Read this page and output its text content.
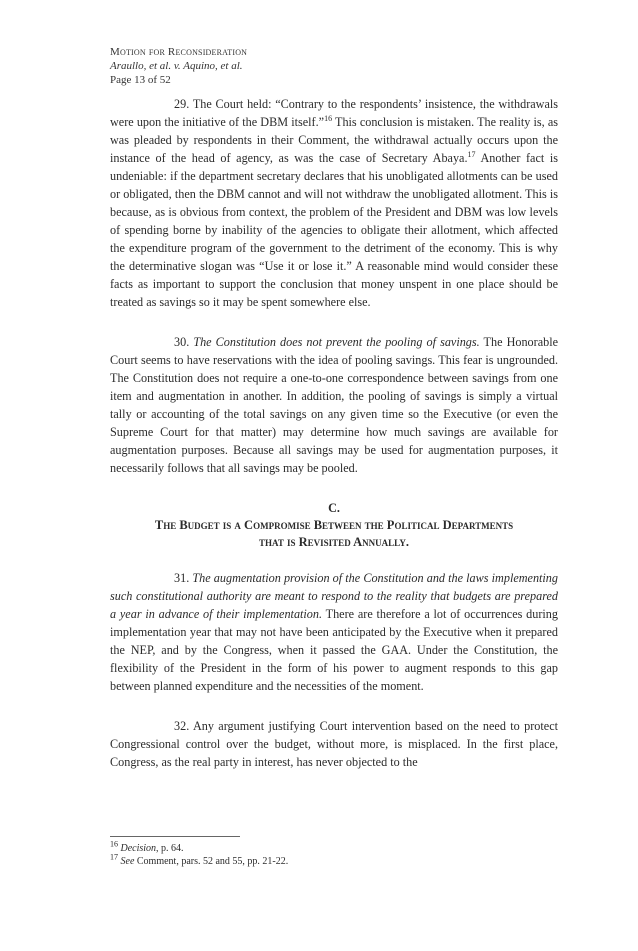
Motion for Reconsideration
Araullo, et al. v. Aquino, et al.
Page 13 of 52

29. The Court held: “Contrary to the respondents’ insistence, the withdrawals were upon the initiative of the DBM itself.”$^{16}$ This conclusion is mistaken. The reality is, as was pleaded by respondents in their Comment, the withdrawal actually occurs upon the instance of the head of agency, as was the case of Secretary Abaya.$^{17}$ Another fact is undeniable: if the department secretary declares that his unobligated allotments can be used or obligated, then the DBM cannot and will not withdraw the unobligated allotment. This is because, as is obvious from context, the problem of the President and DBM was low levels of spending borne by inability of the agencies to obligate their allotment, which affected the expenditure program of the government to the detriment of the economy. This is why the determinative slogan was “Use it or lose it.” A reasonable mind would consider these facts as important to support the conclusion that money unspent in one place should be treated as savings so it may be spent somewhere else.

30. The Constitution does not prevent the pooling of savings. The Honorable Court seems to have reservations with the idea of pooling savings. This fear is ungrounded. The Constitution does not require a one-to-one correspondence between savings from one item and augmentation in another. In addition, the pooling of savings is simply a virtual tally or accounting of the total savings on any given time so the Executive (or even the Supreme Court for that matter) may determine how much savings are available for augmentation purposes. Because all savings may be used for augmentation purposes, it necessarily follows that all savings may be pooled.

C.

The Budget is a Compromise Between the Political Departments
that is Revisited Annually.

31. The augmentation provision of the Constitution and the laws implementing such constitutional authority are meant to respond to the reality that budgets are prepared a year in advance of their implementation. There are therefore a lot of occurrences during implementation year that may not have been anticipated by the Executive when it prepared the NEP, and by the Congress, when it passed the GAA. Under the Constitution, the flexibility of the President in the form of his power to augment responds to this gap between planned expenditure and the necessities of the moment.

32. Any argument justifying Court intervention based on the need to protect Congressional control over the budget, without more, is misplaced. In the first place, Congress, as the real party in interest, has never objected to the

$^{16}$ Decision, p. 64.

$^{17}$ See Comment, pars. 52 and 55, pp. 21-22.
